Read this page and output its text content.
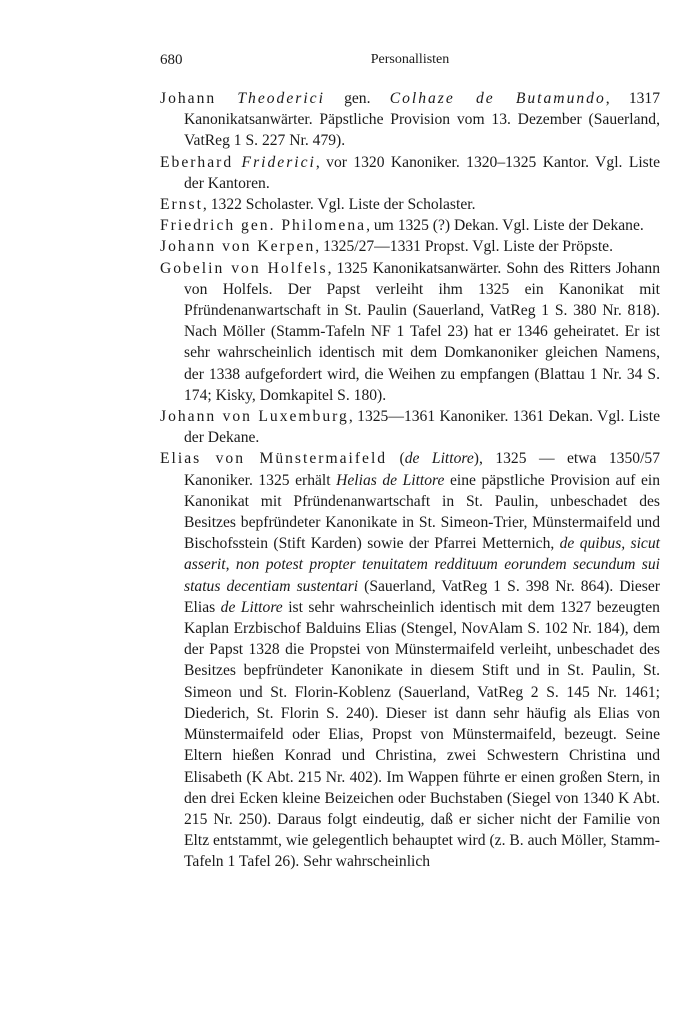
680	Personallisten

Johann Theoderici gen. Colhaze de Butamundo, 1317 Kanonikatsanwärter. Päpstliche Provision vom 13. Dezember (Sauerland, VatReg 1 S. 227 Nr. 479).

Eberhard Friderici, vor 1320 Kanoniker. 1320–1325 Kantor. Vgl. Liste der Kantoren.

Ernst, 1322 Scholaster. Vgl. Liste der Scholaster.

Friedrich gen. Philomena, um 1325 (?) Dekan. Vgl. Liste der Dekane.

Johann von Kerpen, 1325/27—1331 Propst. Vgl. Liste der Pröpste.

Gobelin von Holfels, 1325 Kanonikatsanwärter. Sohn des Ritters Johann von Holfels. Der Papst verleiht ihm 1325 ein Kanonikat mit Pfründenanwartschaft in St. Paulin (Sauerland, VatReg 1 S. 380 Nr. 818). Nach Möller (Stamm-Tafeln NF 1 Tafel 23) hat er 1346 geheiratet. Er ist sehr wahrscheinlich identisch mit dem Domkanoniker gleichen Namens, der 1338 aufgefordert wird, die Weihen zu empfangen (Blattau 1 Nr. 34 S. 174; Kisky, Domkapitel S. 180).

Johann von Luxemburg, 1325—1361 Kanoniker. 1361 Dekan. Vgl. Liste der Dekane.

Elias von Münstermaifeld (de Littore), 1325 — etwa 1350/57 Kanoniker. 1325 erhält Helias de Littore eine päpstliche Provision auf ein Kanonikat mit Pfründenanwartschaft in St. Paulin, unbeschadet des Besitzes bepfründeter Kanonikate in St. Simeon-Trier, Münstermaifeld und Bischofsstein (Stift Karden) sowie der Pfarrei Metternich, de quibus, sicut asserit, non potest propter tenuitatem reddituum eorundem secundum sui status decentiam sustentari (Sauerland, VatReg 1 S. 398 Nr. 864). Dieser Elias de Littore ist sehr wahrscheinlich identisch mit dem 1327 bezeugten Kaplan Erzbischof Balduins Elias (Stengel, NovAlam S. 102 Nr. 184), dem der Papst 1328 die Propstei von Münstermaifeld verleiht, unbeschadet des Besitzes bepfründeter Kanonikate in diesem Stift und in St. Paulin, St. Simeon und St. Florin-Koblenz (Sauerland, VatReg 2 S. 145 Nr. 1461; Diederich, St. Florin S. 240). Dieser ist dann sehr häufig als Elias von Münstermaifeld oder Elias, Propst von Münstermaifeld, bezeugt. Seine Eltern hießen Konrad und Christina, zwei Schwestern Christina und Elisabeth (K Abt. 215 Nr. 402). Im Wappen führte er einen großen Stern, in den drei Ecken kleine Beizeichen oder Buchstaben (Siegel von 1340 K Abt. 215 Nr. 250). Daraus folgt eindeutig, daß er sicher nicht der Familie von Eltz entstammt, wie gelegentlich behauptet wird (z. B. auch Möller, Stamm-Tafeln 1 Tafel 26). Sehr wahrscheinlich
